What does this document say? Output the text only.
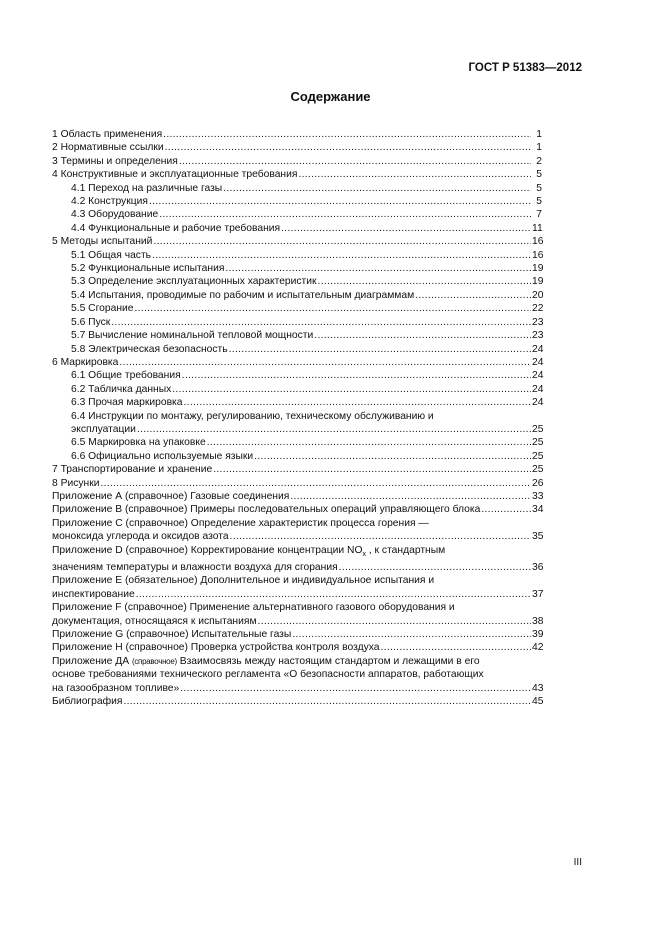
ГОСТ Р 51383—2012
Содержание
1 Область применения .....	1
2 Нормативные ссылки .....	1
3 Термины и определения .....	2
4 Конструктивные и эксплуатационные требования .....	5
4.1 Переход на различные газы .....	5
4.2 Конструкция .....	5
4.3 Оборудование .....	7
4.4 Функциональные и рабочие требования .....	11
5 Методы испытаний .....	16
5.1 Общая часть .....	16
5.2 Функциональные испытания .....	19
5.3 Определение эксплуатационных характеристик .....	19
5.4 Испытания, проводимые по рабочим и испытательным диаграммам .....	20
5.5 Сгорание .....	22
5.6 Пуск .....	23
5.7 Вычисление номинальной тепловой мощности .....	23
5.8 Электрическая безопасность .....	24
6 Маркировка .....	24
6.1 Общие требования .....	24
6.2 Табличка данных .....	24
6.3 Прочая маркировка .....	24
6.4 Инструкции по монтажу, регулированию, техническому обслуживанию и
эксплуатации .....	25
6.5 Маркировка на упаковке .....	25
6.6 Официально используемые языки .....	25
7 Транспортирование и хранение .....	25
8 Рисунки .....	26
Приложение А (справочное) Газовые соединения .....	33
Приложение В (справочное) Примеры последовательных операций управляющего блока .....	34
Приложение С (справочное) Определение характеристик процесса горения —
моноксида углерода и оксидов азота .....	35
Приложение D (справочное) Корректирование концентрации $NO_х$ , к стандартным
значениям температуры и влажности воздуха для сгорания .....	36
Приложение Е (обязательное) Дополнительное и индивидуальное испытания и
инспектирование .....	37
Приложение F (справочное) Применение альтернативного газового оборудования и
документация, относящаяся к испытаниям .....	38
Приложение G (справочное) Испытательные газы .....	39
Приложение Н (справочное) Проверка устройства контроля воздуха .....	42
Приложение ДА (справочное) Взаимосвязь между настоящим стандартом и лежащими в его
основе требованиями технического регламента «О безопасности аппаратов, работающих
на газообразном топливе» .....	43
Библиография .....	45
III
